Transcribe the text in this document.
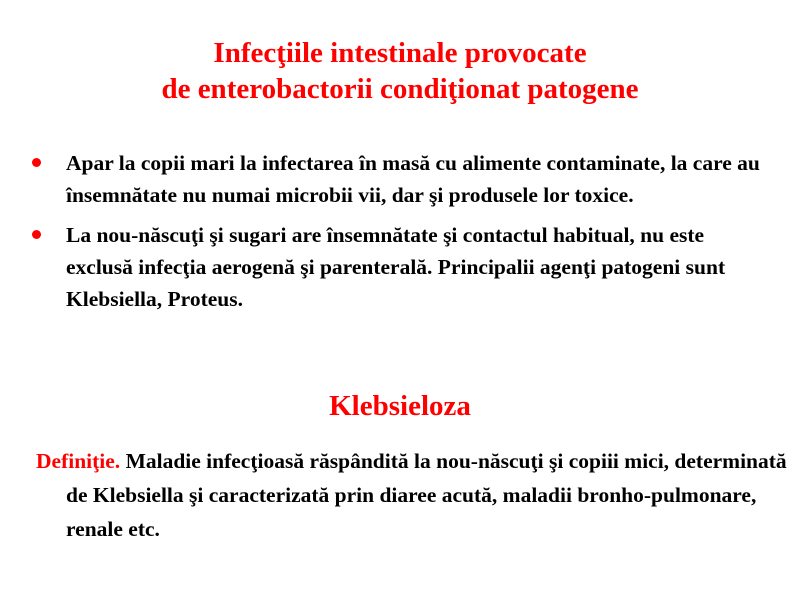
Infecţiile intestinale provocate
de enterobactorii condiţionat patogene
Apar la copii mari la infectarea în masă cu alimente contaminate, la care au însemnătate nu numai microbii vii, dar şi produsele lor toxice.
La nou-născuţi şi sugari are însemnătate şi contactul habitual, nu este exclusă infecţia aerogenă şi parenterală. Principalii agenţi patogeni sunt Klebsiella, Proteus.
Klebsieloza

Definiţie. Maladie infecţioasă răspândită la nou-născuţi şi copiii mici, determinată de Klebsiella şi caracterizată prin diaree acută, maladii bronho-pulmonare, renale etc.
